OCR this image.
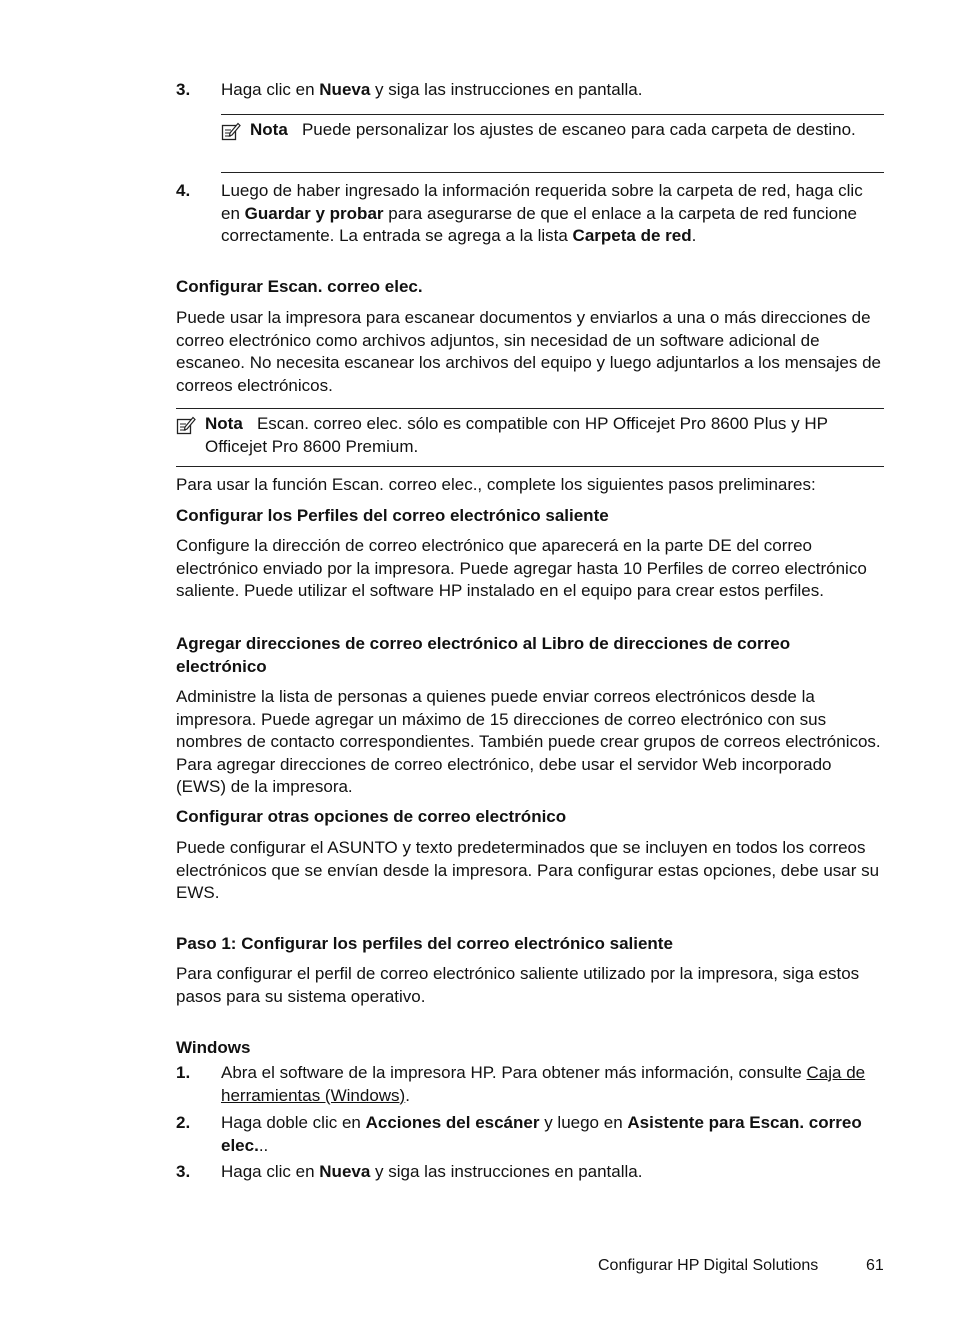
3. Haga clic en Nueva y siga las instrucciones en pantalla.
Nota Puede personalizar los ajustes de escaneo para cada carpeta de destino.
4. Luego de haber ingresado la información requerida sobre la carpeta de red, haga clic en Guardar y probar para asegurarse de que el enlace a la carpeta de red funcione correctamente. La entrada se agrega a la lista Carpeta de red.
Configurar Escan. correo elec.
Puede usar la impresora para escanear documentos y enviarlos a una o más direcciones de correo electrónico como archivos adjuntos, sin necesidad de un software adicional de escaneo. No necesita escanear los archivos del equipo y luego adjuntarlos a los mensajes de correos electrónicos.
Nota Escan. correo elec. sólo es compatible con HP Officejet Pro 8600 Plus y HP Officejet Pro 8600 Premium.
Para usar la función Escan. correo elec., complete los siguientes pasos preliminares:
Configurar los Perfiles del correo electrónico saliente
Configure la dirección de correo electrónico que aparecerá en la parte DE del correo electrónico enviado por la impresora. Puede agregar hasta 10 Perfiles de correo electrónico saliente. Puede utilizar el software HP instalado en el equipo para crear estos perfiles.
Agregar direcciones de correo electrónico al Libro de direcciones de correo electrónico
Administre la lista de personas a quienes puede enviar correos electrónicos desde la impresora. Puede agregar un máximo de 15 direcciones de correo electrónico con sus nombres de contacto correspondientes. También puede crear grupos de correos electrónicos. Para agregar direcciones de correo electrónico, debe usar el servidor Web incorporado (EWS) de la impresora.
Configurar otras opciones de correo electrónico
Puede configurar el ASUNTO y texto predeterminados que se incluyen en todos los correos electrónicos que se envían desde la impresora. Para configurar estas opciones, debe usar su EWS.
Paso 1: Configurar los perfiles del correo electrónico saliente
Para configurar el perfil de correo electrónico saliente utilizado por la impresora, siga estos pasos para su sistema operativo.
Windows
1. Abra el software de la impresora HP. Para obtener más información, consulte Caja de herramientas (Windows).
2. Haga doble clic en Acciones del escáner y luego en Asistente para Escan. correo elec...
3. Haga clic en Nueva y siga las instrucciones en pantalla.
Configurar HP Digital Solutions	61
